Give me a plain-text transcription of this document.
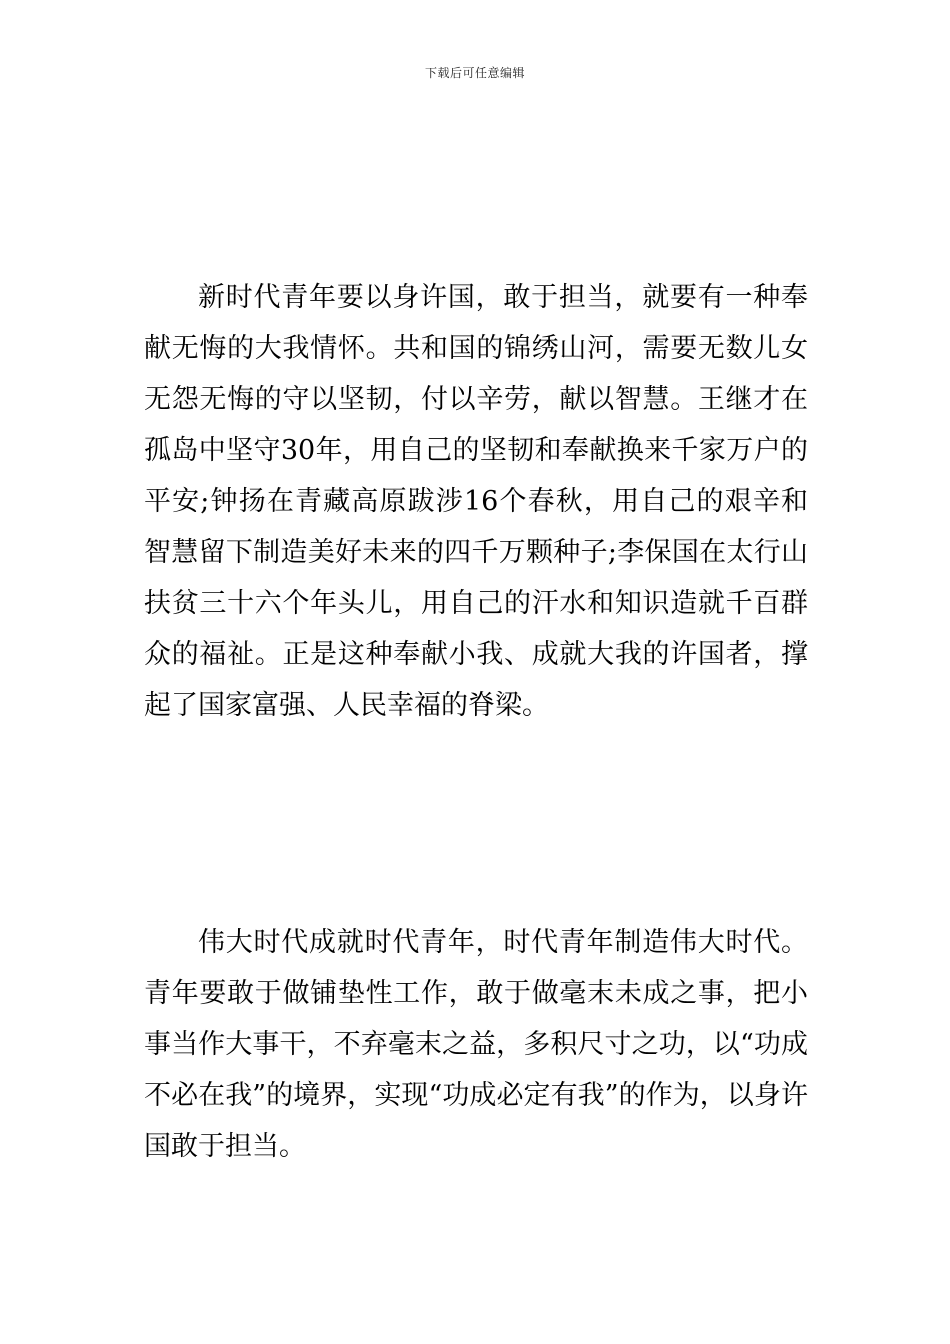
下载后可任意编辑

新时代青年要以身许国，敢于担当，就要有一种奉献无悔的大我情怀。共和国的锦绣山河，需要无数儿女无怨无悔的守以坚韧，付以辛劳，献以智慧。王继才在孤岛中坚守30年，用自己的坚韧和奉献换来千家万户的平安;钟扬在青藏高原跋涉16个春秋，用自己的艰辛和智慧留下制造美好未来的四千万颗种子;李保国在太行山扶贫三十六个年头儿，用自己的汗水和知识造就千百群众的福祉。正是这种奉献小我、成就大我的许国者，撑起了国家富强、人民幸福的脊梁。

伟大时代成就时代青年，时代青年制造伟大时代。青年要敢于做铺垫性工作，敢于做毫末未成之事，把小事当作大事干，不弃毫末之益，多积尺寸之功，以“功成不必在我”的境界，实现“功成必定有我”的作为，以身许国敢于担当。
